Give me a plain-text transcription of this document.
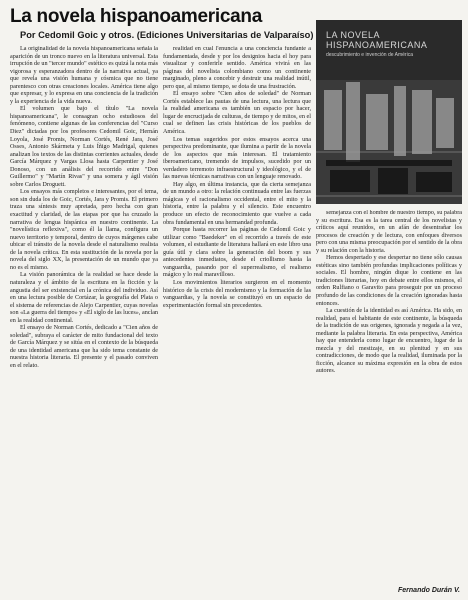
La novela hispanoamericana
Por Cedomil Goic y otros. (Ediciones Universitarias de Valparaíso)

La originalidad de la novela hispanoamericana señala la aparición de un tronco nuevo en la literatura universal. Esta irrupción de un "tercer mundo" estético es quizá la nota más vigorosa y esperanzadora dentro de la narrativa actual, ya que revela una visión humana y cósmica que no tiene parentesco con otras creaciones locales. América tiene algo que expresar, y lo expresa en una conciencia de la tradición y la experiencia de la vida nueva.

El volumen que bajo el título "La novela hispanoamericana", le consagran ocho estudiosos del fenómeno, contiene algunas de las conferencias del "Curso Diez" dictadas por los profesores Cedomil Goic, Hernán Loyola, José Promis, Norman Cortés, René Jara, José Osses, Antonio Skármeta y Luis Íñigo Madrigal, quienes analizan los textos de las distintas corrientes actuales, desde García Márquez y Vargas Llosa hasta Carpentier y José Donoso, con un análisis del recorrido entre "Don Guillermo" y "Martín Rivas" y una somera y ágil visión sobre Carlos Droguett.

Los ensayos más completos e interesantes, por el tema, son sin duda los de Goic, Cortés, Jara y Promis. El primero traza una síntesis muy apretada, pero hecha con gran exactitud y claridad, de las etapas por que ha cruzado la narrativa de lengua hispánica en nuestro continente. La "novelística reflexiva", como él la llama, configura un nuevo territorio y temporal, dentro de cuyos márgenes cabe ubicar el tránsito de la novela desde el naturalismo realista de la novela crítica. En esta sustitución de la novela por la novela del siglo XX, la presentación de un mundo que ya no es el mismo.

La visión panorámica de la realidad se hace desde la naturaleza y el ámbito de la escritura en la ficción y la angustia del ser existencial en la crónica del individuo. Así en una lectura posible de Cortázar, la geografía del Plata o el sistema de referencias de Alejo Carpentier, cuyas novelas son «La guerra del tiempo» y «El siglo de las luces», anclan en la realidad continental.

El ensayo de Norman Cortés, dedicado a "Cien años de soledad", subraya el carácter de mito fundacional del texto de García Márquez y se sitúa en el contexto de la búsqueda de una identidad americana que ha sido tema constante de nuestra historia literaria. El presente y el pasado conviven en el relato.

realidad en cual l'enuncia a una conciencia fundante a fundamentada, desde y por los designios hacia el hoy para visualizar y conferirle sentido. América vivirá en las páginas del novelista colombiano como un continente marginado, pleno a concebir y destruir una realidad inútil, pero que, al mismo tiempo, se dota de una frustración.

El ensayo sobre "Cien años de soledad" de Norman Cortés establece las pautas de una lectura, una lectura que la realidad americana es también un espacio por hacer, lugar de encrucijada de culturas, de tiempo y de mitos, en el cual se definen las crisis históricas de los pueblos de América.

Los temas sugeridos por estos ensayos acerca una perspectiva predominante, que ilumina a partir de la novela de los aspectos que más interesan. El tratamiento iberoamericano, tremendo de impulsos, sucedido por un verdadero terremoto infraestructural y ideológico, y el de las nuevas técnicas narrativas con un lenguaje renovado.

Hay algo, en última instancia, que da cierta semejanza de un mundo a otro: la relación continuada entre las fuerzas mágicas y el racionalismo occidental, entre el mito y la historia, entre la palabra y el silencio. Este encuentro produce un efecto de reconocimiento que vuelve a cada obra fundamental en una hermandad profunda.

Porque hasta recorrer las páginas de Cedomil Goic y utilizar como "Baedeker" en el recorrido a través de este volumen, el estudiante de literatura hallará en este libro una guía útil y clara sobre la generación del boom y sus antecedentes inmediatos, desde el criollismo hasta la vanguardia, pasando por el superrealismo, el realismo mágico y lo real maravilloso.

Los movimientos literarios surgieron en el momento histórico de la crisis del modernismo y la formación de las vanguardias, y la novela se constituyó en un espacio de experimentación formal sin precedentes.

LA NOVELA HISPANOAMERICANA
descubrimiento e invención de América

semejanza con el hombre de nuestro tiempo, su palabra y su escritura. Esa es la tarea central de los novelistas y críticos aquí reunidos, en un afán de desentrañar los procesos de creación y de lectura, con enfoques diversos pero con una misma preocupación por el sentido de la obra y su relación con la historia.

Hemos despertado y ese despertar no tiene sólo causas estéticas sino también profundas implicaciones políticas y sociales. El hombre, ningún dique lo contiene en las tradiciones literarias, hoy en debate entre ellos mismos, el orden Rulfiano o Garavito para proseguir por un proceso profundo de las condiciones de la creación ignoradas hasta entonces.

La cuestión de la identidad es así América. Ha sido, en realidad, para el habitante de este continente, la búsqueda de la tradición de sus origenes, ignorada y negada a la vez, mediante la palabra literaria. En esta perspectiva, América hay que entenderla como lugar de encuentro, lugar de la mezcla y del mestizaje, en su plenitud y en sus contradicciones, de modo que la realidad, iluminada por la ficción, alcance su máxima expresión en la obra de estos autores.

Fernando Durán V.
